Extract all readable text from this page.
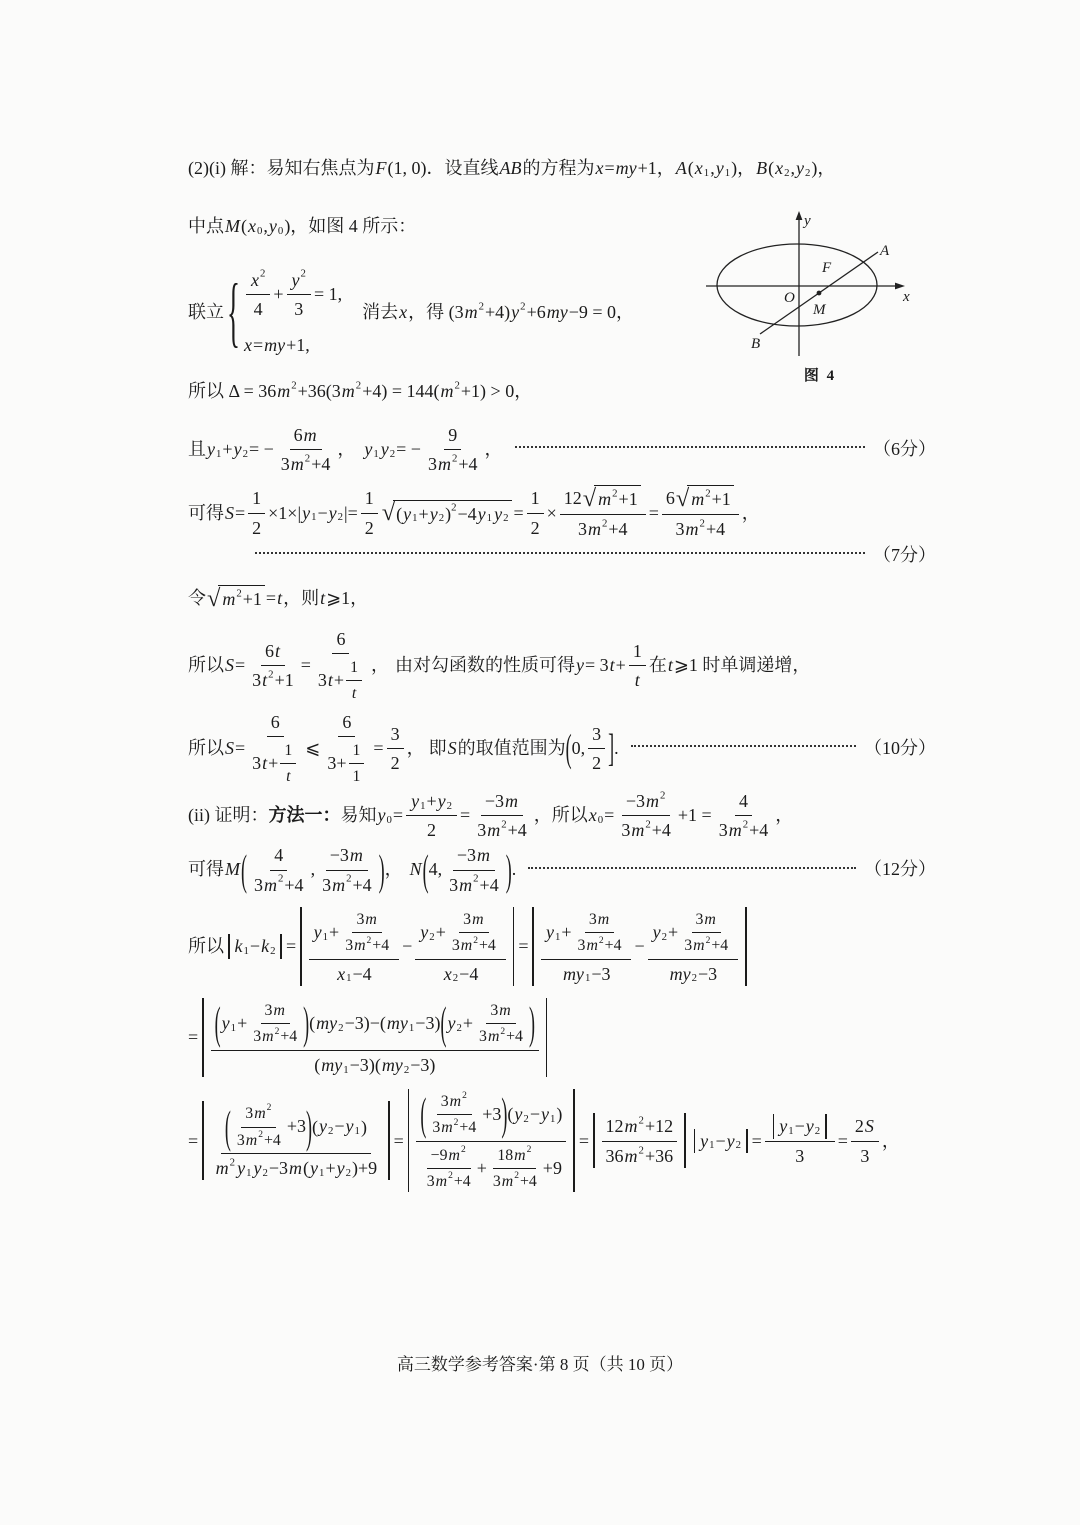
(2)(i) 解：易知右焦点为 F (1, 0)．设直线 AB 的方程为 x = my +1， A ( x 1 , y 1 )， B ( x 2 , y 2 )，
中点 M ( x 0 , y 0 )，如图 4 所示：
联立 { $\frac{x 2}{4} + \frac{y 2}{3} = 1$,
x = my +1,
消去 x ，得 (3 m 2 +4) y 2 +6 my −9 = 0，
所以 Δ = 36 m 2 +36(3 m 2 +4) = 144( m 2 +1) > 0，
且 y 1 + y 2 = − $\frac{6 m}{3 m 2 +4}$ ， y 1 y 2 = − $\frac{9}{3 m 2 +4}$ ，	（6分）
可得 $S = \frac{1}{2} \times 1\times|$ y 1 − y 2 |= $\frac{1}{2}$ √ ( y 1 + y 2 ) 2 −4 y 1 y $2 = \frac{1}{2} \times \frac{12 √ m 2 +1}{3 m 2 +4} = \frac{6 √ m 2 +1}{3 m 2 +4}$ ，
（7分）
令 √ m 2 +1 = t ，则 t ⩾1，
所以 $S = \frac{6 t}{3 t 2 +1} = \frac{6}{3 t + \frac{1}{t}}$ ， 由对勾函数的性质可得 y = 3 $t + \frac{1}{t}$ 在 t ⩾1 时单调递增，
所以 $S = \frac{6}{3 t + \frac{1}{t}}$ ⩽ $\frac{6}{3+ \frac{1}{1}} = \frac{3}{2}$ ， 即 S 的取值范围为 ( 0, $\frac{3}{2}$ ] .	（10分）
(ii) 证明： 方法一： 易知 y $0 = \frac{y 1 + y 2}{2} = \frac{-3 m}{3 m 2 +4}$ ，所以 x $0 = \frac{-3 m 2}{3 m 2 +4} +1 = \frac{4}{3 m 2 +4}$ ，
可得 M ( $\frac{4}{3 m 2 +4}$ , $\frac{-3 m}{3 m 2 +4}$ ) ， N ( 4, $\frac{-3 m}{3 m 2 +4}$ ) .	（12分）
所以 k 1 − k $2 = \frac{y 1 + \frac{3 m}{3 m 2 +4}}{x 1 -4} - \frac{y 2 + \frac{3 m}{3 m 2 +4}}{x 2 -4} = \frac{y 1 + \frac{3 m}{3 m 2 +4}}{my 1 -3} - \frac{y 2 + \frac{3 m}{3 m 2 +4}}{my 2 -3}$
= $\frac{( y 1 + \frac{3 m}{3 m 2 +4} ) ( my 2 -3 ) - ( my 1 -3 ) ( y 2 + \frac{3 m}{3 m 2 +4} )}{( my 1 -3 ) ( my 2 -3 )}$
= $\frac{( \frac{3 m 2}{3 m 2 +4} +3 ) ( y 2 - y 1 )}{m 2 y 1 y 2 -3 m ( y 1 + y 2 ) +9} = \frac{( \frac{3 m 2}{3 m 2 +4} +3 ) ( y 2 - y 1 )}{\frac{-9 m 2}{3 m 2 +4} + \frac{18 m 2}{3 m 2 +4} +9} = \frac{12 m 2 +12}{36 m 2 +36}$ y 1 − y $2 = \frac{y 1 - y 2}{3} = \frac{2 S}{3}$ ，
y
x
A
B
F
O
M
图 4
高三数学参考答案·第 8 页（共 10 页）
